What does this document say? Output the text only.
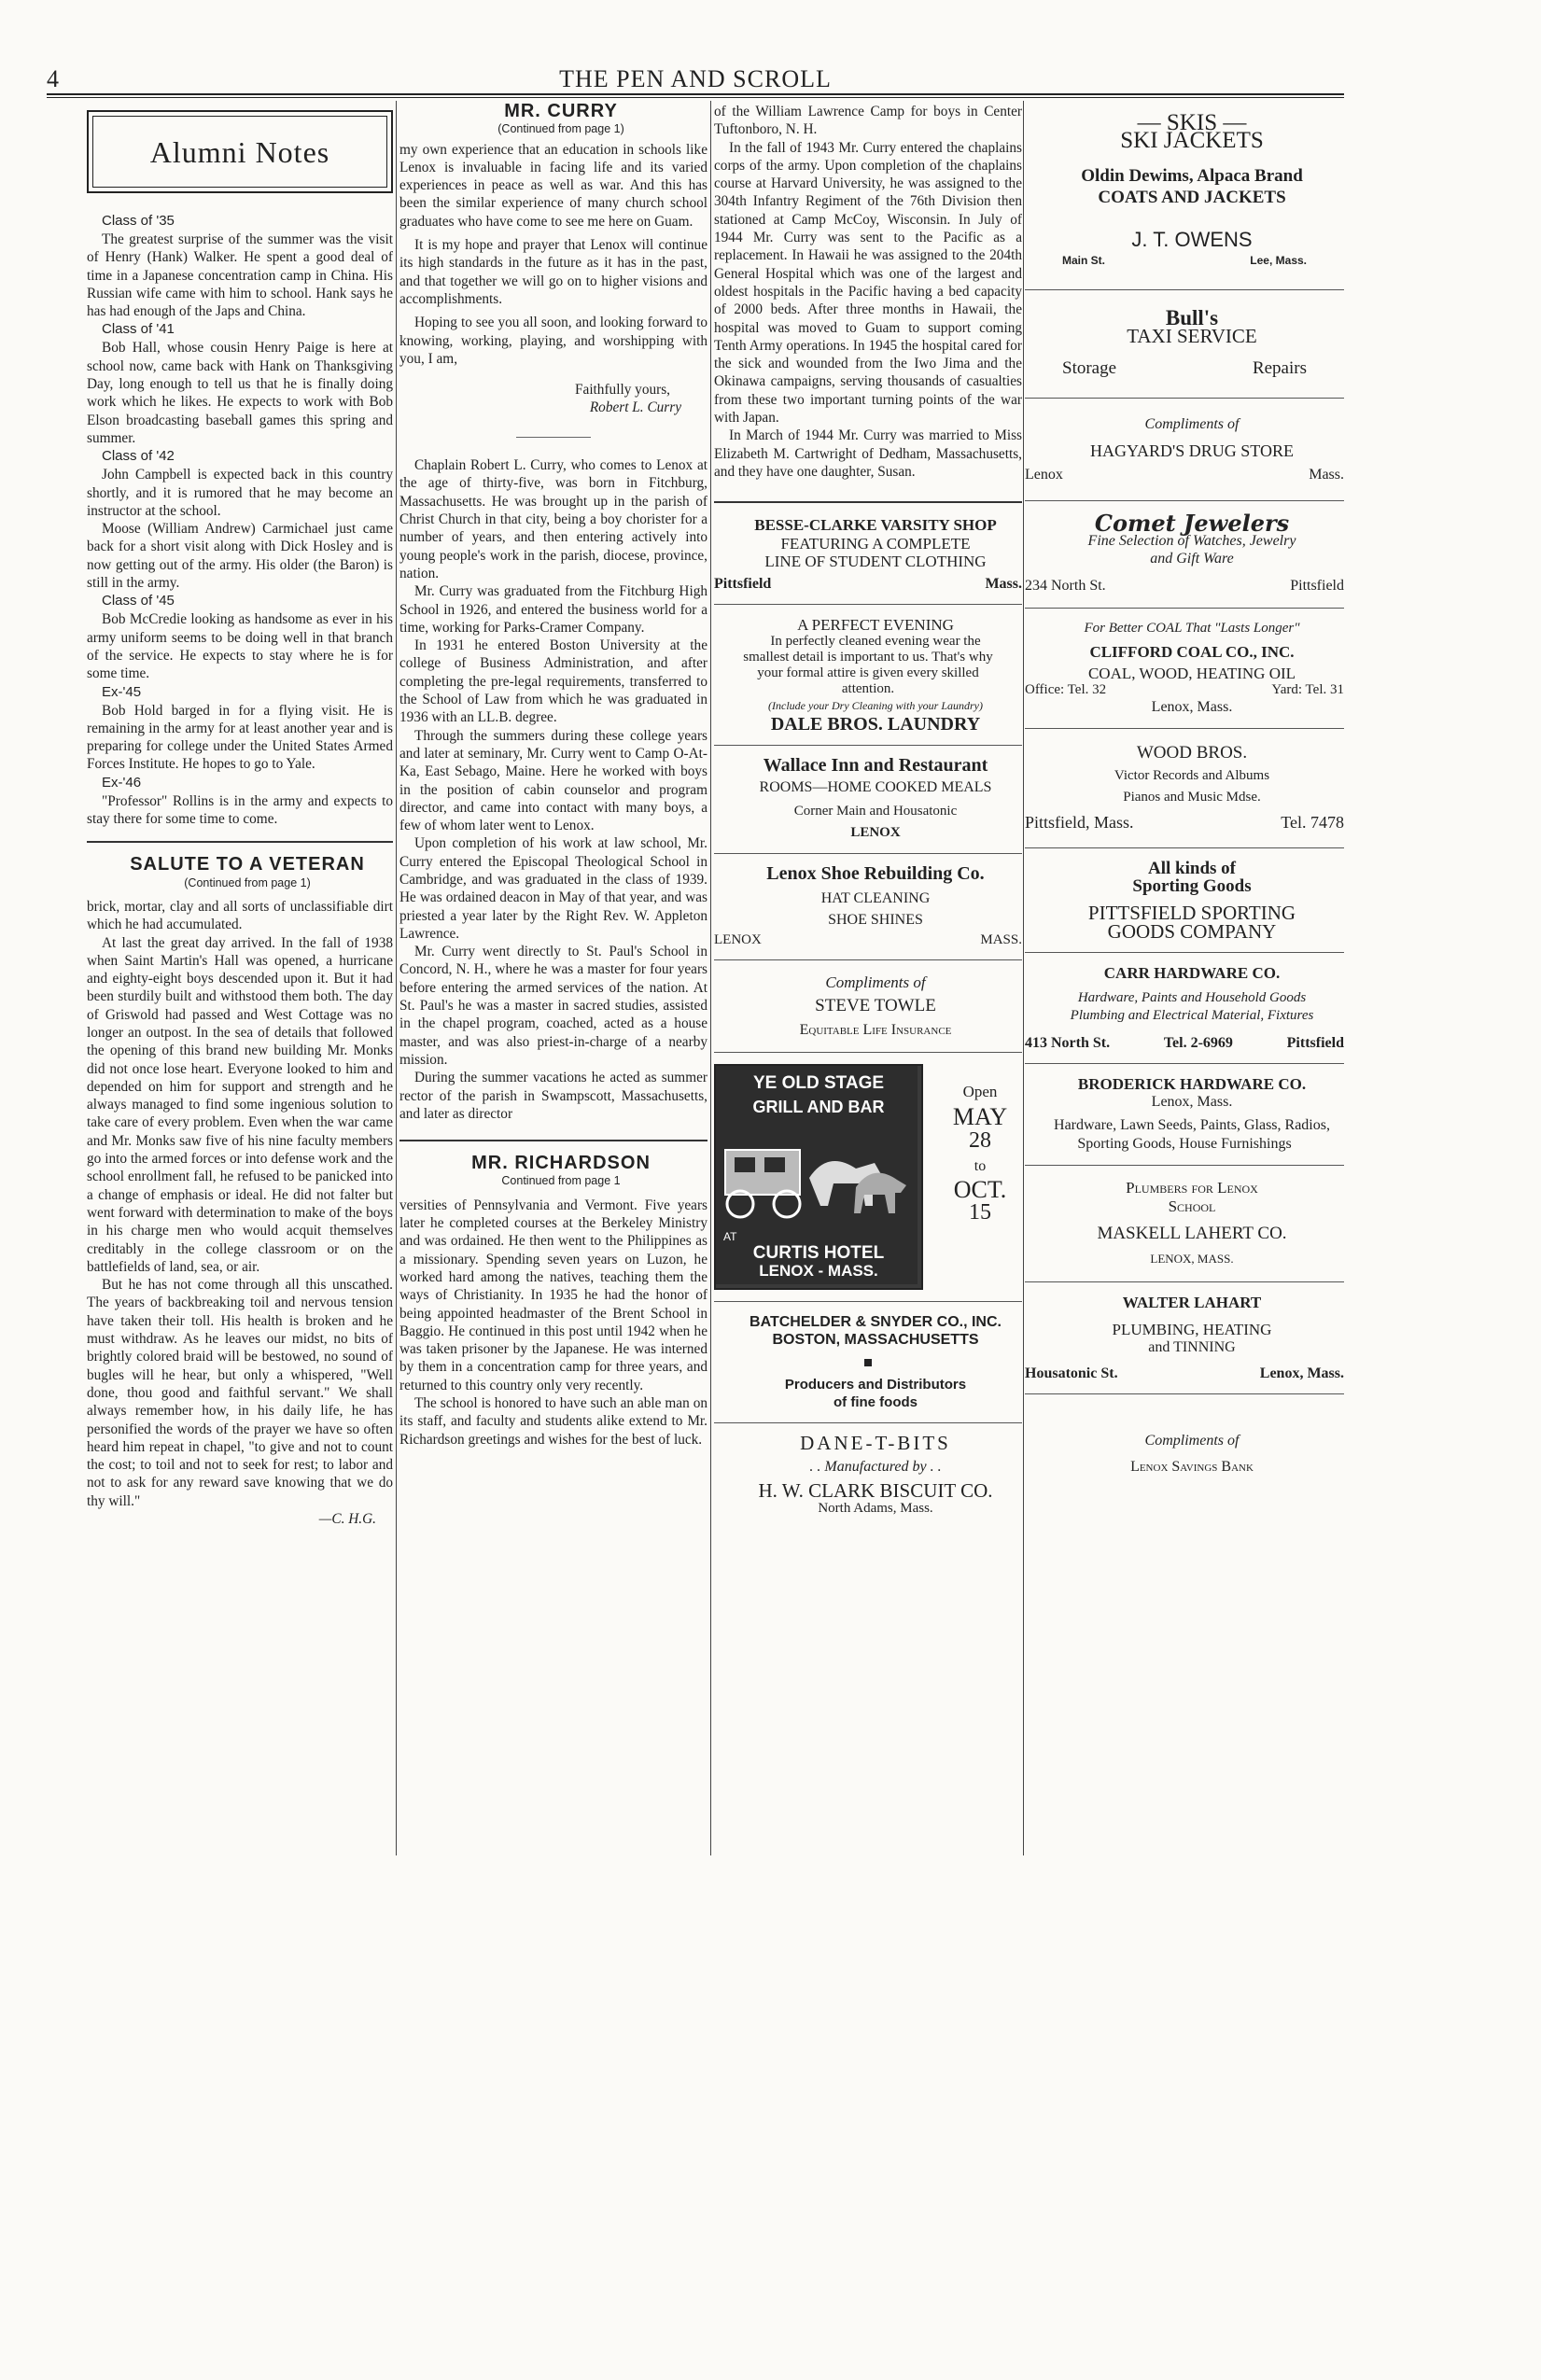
4	THE PEN AND SCROLL
Alumni Notes

Class of '35

The greatest surprise of the summer was the visit of Henry (Hank) Walker. He spent a good deal of time in a Japanese concentration camp in China. His Russian wife came with him to school. Hank says he has had enough of the Japs and China.

Class of '41

Bob Hall, whose cousin Henry Paige is here at school now, came back with Hank on Thanksgiving Day, long enough to tell us that he is finally doing work which he likes. He expects to work with Bob Elson broadcasting baseball games this spring and summer.

Class of '42

John Campbell is expected back in this country shortly, and it is rumored that he may become an instructor at the school.

Moose (William Andrew) Carmichael just came back for a short visit along with Dick Hosley and is now getting out of the army. His older (the Baron) is still in the army.

Class of '45

Bob McCredie looking as handsome as ever in his army uniform seems to be doing well in that branch of the service. He expects to stay where he is for some time.

Ex-'45

Bob Hold barged in for a flying visit. He is remaining in the army for at least another year and is preparing for college under the United States Armed Forces Institute. He hopes to go to Yale.

Ex-'46

"Professor" Rollins is in the army and expects to stay there for some time to come.

SALUTE TO A VETERAN

(Continued from page 1)

brick, mortar, clay and all sorts of unclassifiable dirt which he had accumulated.

At last the great day arrived. In the fall of 1938 when Saint Martin's Hall was opened, a hurricane and eighty-eight boys descended upon it. But it had been sturdily built and withstood them both. The day of Griswold had passed and West Cottage was no longer an outpost. In the sea of details that followed the opening of this brand new building Mr. Monks did not once lose heart. Everyone looked to him and depended on him for support and strength and he always managed to find some ingenious solution to take care of every problem. Even when the war came and Mr. Monks saw five of his nine faculty members go into the armed forces or into defense work and the school enrollment fall, he refused to be panicked into a change of emphasis or ideal. He did not falter but went forward with determination to make of the boys in his charge men who would acquit themselves creditably in the college classroom or on the battlefields of land, sea, or air.

But he has not come through all this unscathed. The years of backbreaking toil and nervous tension have taken their toll. His health is broken and he must withdraw. As he leaves our midst, no bits of brightly colored braid will be bestowed, no sound of bugles will he hear, but only a whispered, "Well done, thou good and faithful servant." We shall always remember how, in his daily life, he has personified the words of the prayer we have so often heard him repeat in chapel, "to give and not to count the cost; to toil and not to seek for rest; to labor and not to ask for any reward save knowing that we do thy will."

—C. H.G.

MR. CURRY

(Continued from page 1)

my own experience that an education in schools like Lenox is invaluable in facing life and its varied experiences in peace as well as war. And this has been the similar experience of many church school graduates who have come to see me here on Guam.

It is my hope and prayer that Lenox will continue its high standards in the future as it has in the past, and that together we will go on to higher visions and accomplishments.

Hoping to see you all soon, and looking forward to knowing, working, playing, and worshipping with you, I am,

Faithfully yours,

Robert L. Curry

Chaplain Robert L. Curry, who comes to Lenox at the age of thirty-five, was born in Fitchburg, Massachusetts. He was brought up in the parish of Christ Church in that city, being a boy chorister for a number of years, and then entering actively into young people's work in the parish, diocese, province, nation.

Mr. Curry was graduated from the Fitchburg High School in 1926, and entered the business world for a time, working for Parks-Cramer Company.

In 1931 he entered Boston University at the college of Business Administration, and after completing the pre-legal requirements, transferred to the School of Law from which he was graduated in 1936 with an LL.B. degree.

Through the summers during these college years and later at seminary, Mr. Curry went to Camp O-At-Ka, East Sebago, Maine. Here he worked with boys in the position of cabin counselor and program director, and came into contact with many boys, a few of whom later went to Lenox.

Upon completion of his work at law school, Mr. Curry entered the Episcopal Theological School in Cambridge, and was graduated in the class of 1939. He was ordained deacon in May of that year, and was priested a year later by the Right Rev. W. Appleton Lawrence.

Mr. Curry went directly to St. Paul's School in Concord, N. H., where he was a master for four years before entering the armed services of the nation. At St. Paul's he was a master in sacred studies, assisted in the chapel program, coached, acted as a house master, and was also priest-in-charge of a nearby mission.

During the summer vacations he acted as summer rector of the parish in Swampscott, Massachusetts, and later as director

MR. RICHARDSON

Continued from page 1

versities of Pennsylvania and Vermont. Five years later he completed courses at the Berkeley Ministry and was ordained. He then went to the Philippines as a missionary. Spending seven years on Luzon, he worked hard among the natives, teaching them the ways of Christianity. In 1935 he had the honor of being appointed headmaster of the Brent School in Baggio. He continued in this post until 1942 when he was taken prisoner by the Japanese. He was interned by them in a concentration camp for three years, and returned to this country only very recently.

The school is honored to have such an able man on its staff, and faculty and students alike extend to Mr. Richardson greetings and wishes for the best of luck.

of the William Lawrence Camp for boys in Center Tuftonboro, N. H.

In the fall of 1943 Mr. Curry entered the chaplains corps of the army. Upon completion of the chaplains course at Harvard University, he was assigned to the 304th Infantry Regiment of the 76th Division then stationed at Camp McCoy, Wisconsin. In July of 1944 Mr. Curry was sent to the Pacific as a replacement. In Hawaii he was assigned to the 204th General Hospital which was one of the largest and oldest hospitals in the Pacific having a bed capacity of 2000 beds. After three months in Hawaii, the hospital was moved to Guam to support coming Tenth Army operations. In 1945 the hospital cared for the sick and wounded from the Iwo Jima and the Okinawa campaigns, serving thousands of casualties from these two important turning points of the war with Japan.

In March of 1944 Mr. Curry was married to Miss Elizabeth M. Cartwright of Dedham, Massachusetts, and they have one daughter, Susan.

BESSE-CLARKE VARSITY SHOP

FEATURING A COMPLETE

LINE OF STUDENT CLOTHING

Pittsfield	Mass.

A PERFECT EVENING

In perfectly cleaned evening wear the smallest detail is important to us. That's why your formal attire is given every skilled attention.

(Include your Dry Cleaning with your Laundry)

DALE BROS. LAUNDRY

Wallace Inn and Restaurant

ROOMS—HOME COOKED MEALS

Corner Main and Housatonic

LENOX

Lenox Shoe Rebuilding Co.

HAT CLEANING

SHOE SHINES

LENOX	MASS.

Compliments of

STEVE TOWLE

Equitable Life Insurance

YE OLD STAGE
GRILL AND BAR
AT
CURTIS HOTEL
LENOX - MASS.

Open

MAY

28

to

OCT.

15

BATCHELDER & SNYDER CO., INC.

BOSTON, MASSACHUSETTS

Producers and Distributors

of fine foods

DANE-T-BITS

. . Manufactured by . .

H. W. CLARK BISCUIT CO.

North Adams, Mass.

— SKIS —

SKI JACKETS

Oldin Dewims, Alpaca Brand

COATS AND JACKETS

J. T. OWENS

Main St.	Lee, Mass.

Bull's

TAXI SERVICE

Storage	Repairs

Compliments of

HAGYARD'S DRUG STORE

Lenox	Mass.

Comet Jewelers

Fine Selection of Watches, Jewelry

and Gift Ware

234 North St.	Pittsfield

For Better COAL That "Lasts Longer"

CLIFFORD COAL CO., INC.

COAL, WOOD, HEATING OIL

Office: Tel. 32	Yard: Tel. 31

Lenox, Mass.

WOOD BROS.

Victor Records and Albums

Pianos and Music Mdse.

Pittsfield, Mass.	Tel. 7478

All kinds of

Sporting Goods

PITTSFIELD SPORTING

GOODS COMPANY

CARR HARDWARE CO.

Hardware, Paints and Household Goods

Plumbing and Electrical Material, Fixtures

413 North St.	Tel. 2-6969	Pittsfield

BRODERICK HARDWARE CO.

Lenox, Mass.

Hardware, Lawn Seeds, Paints, Glass, Radios, Sporting Goods, House Furnishings

Plumbers for Lenox

School

MASKELL LAHERT CO.

LENOX, MASS.

WALTER LAHART

PLUMBING, HEATING

and TINNING

Housatonic St.	Lenox, Mass.

Compliments of

Lenox Savings Bank
